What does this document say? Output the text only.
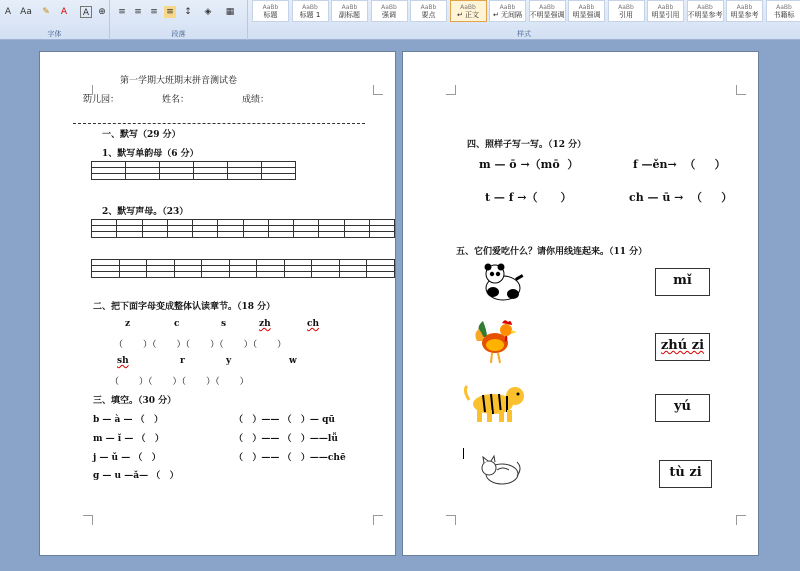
A	Aa ✎	A	A	⊕
字体
≡ ≡ ≡ ≡ ↕ ◈ ▦
段落
AaBb
标题
AaBb
标题 1
AaBb
副标题
AaBb
强调
AaBb
要点
AaBb
↵ 正文
AaBb
↵ 无间隔
AaBb
不明显强调
AaBb
明显强调
AaBb
引用
AaBb
明显引用
AaBb
不明显参考
AaBb
明显参考
AaBb
书籍标
样式
第一学期大班期末拼音测试卷
幼儿园：	姓名：	成绩：
一、默写（29 分）
1、默写单韵母（6 分）

2、默写声母。（23）

二、把下面字母变成整体认读章节。（18 分）
z	c	s	zh	ch
（       ）（       ）（       ）（       ）（       ）
sh	r	y	w
（       ）（       ）（       ）（       ）
三、填空。（30 分）
b — à — （   ）
m — ǐ — （   ）
j — ǔ — （   ）
g — u —ǎ— （   ）
（   ）—— （   ）— qū
（   ）—— （   ）——lǚ
（   ）—— （   ）——chē
四、照样子写一写。（12 分）
m — ō →（mō  ）	f —ěn→  （     ）
t — f →（      ）	ch — ū →  （     ）
五、它们爱吃什么？请你用线连起来。（11 分）
mǐ
zhú zi
yú
tù zi
